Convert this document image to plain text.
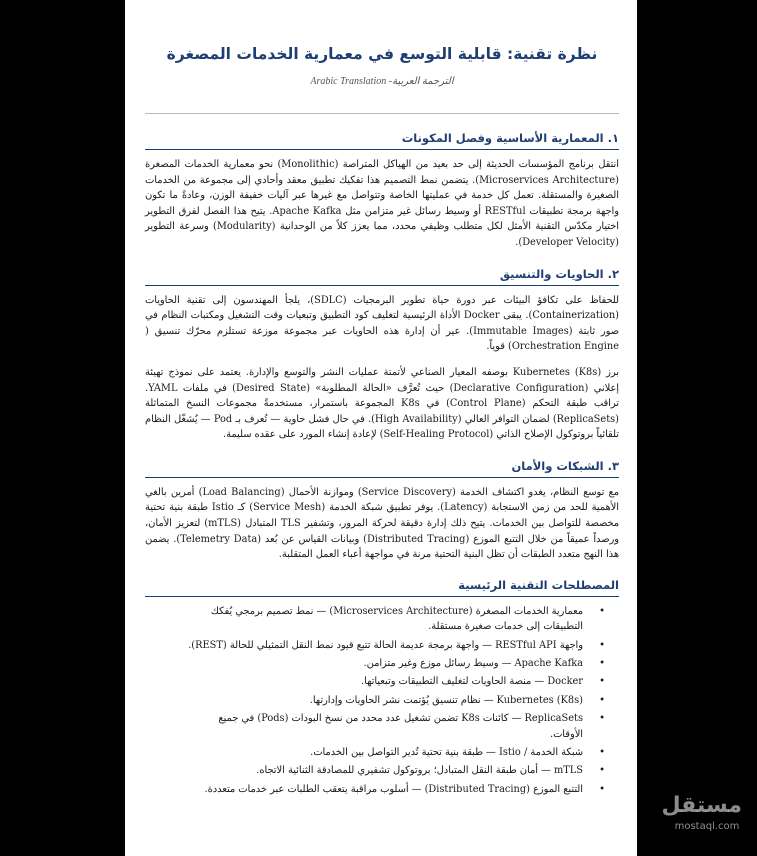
نظرة تقنية: قابلية التوسع في معمارية الخدمات المصغرة
الترجمة العربية- Arabic Translation
١. المعمارية الأساسية وفصل المكونات

انتقل برنامج المؤسسات الحديثة إلى حد بعيد من الهياكل المتراصة (Monolithic) نحو معمارية الخدمات المصغرة (Microservices Architecture). يتضمن نمط التصميم هذا تفكيك تطبيق معقد وأحادي إلى مجموعة من الخدمات الصغيرة والمستقلة. تعمل كل خدمة في عمليتها الخاصة وتتواصل مع غيرها عبر آليات خفيفة الوزن، وعادةً ما تكون واجهة برمجة تطبيقات RESTful أو وسيط رسائل غير متزامن مثل Apache Kafka. يتيح هذا الفصل لفرق التطوير اختيار مكدّس التقنية الأمثل لكل متطلب وظيفي محدد، مما يعزز كلاً من الوحدانية (Modularity) وسرعة التطوير (Developer Velocity).

٢. الحاويات والتنسيق

للحفاظ على تكافؤ البيئات عبر دورة حياة تطوير البرمجيات (SDLC)، يلجأ المهندسون إلى تقنية الحاويات (Containerization). يبقى Docker الأداة الرئيسية لتغليف كود التطبيق وتبعيات وقت التشغيل ومكتبات النظام في صور ثابتة (Immutable Images). عير أن إدارة هذه الحاويات عبر مجموعة موزعة تستلزم محرّك تنسيق ( Orchestration Engine) قوياً.

برز Kubernetes (K8s) بوصفه المعيار الصناعي لأتمتة عمليات النشر والتوسع والإدارة. يعتمد على نموذج تهيئة إعلاني (Declarative Configuration) حيث تُعرَّف «الحالة المطلوبة» (Desired State) في ملفات YAML. تراقب طبقة التحكم (Control Plane) في K8s المجموعة باستمرار، مستخدمةً مجموعات النسخ المتماثلة (ReplicaSets) لضمان التوافر العالي (High Availability). في حال فشل حاوية — تُعرف بـ Pod — يُشغّل النظام تلقائياً بروتوكول الإصلاح الذاتي (Self-Healing Protocol) لإعادة إنشاء المورد على عقده سليمة.

٣. الشبكات والأمان

مع توسع النظام، يغدو اكتشاف الخدمة (Service Discovery) وموازنة الأحمال (Load Balancing) أمرين بالغي الأهمية للحد من زمن الاستجابة (Latency). يوفر تطبيق شبكة الخدمة (Service Mesh) كـ Istio طبقة بنية تحتية مخصصة للتواصل بين الخدمات. يتيح ذلك إدارة دقيقة لحركة المرور، وتشفير TLS المتبادل (mTLS) لتعزيز الأمان، ورصداً عميقاً من خلال التتبع الموزع (Distributed Tracing) وبيانات القياس عن بُعد (Telemetry Data). يضمن هذا النهج متعدد الطبقات أن تظل البنية التحتية مرنة في مواجهة أعباء العمل المتقلبة.

المصطلحات التقنية الرئيسية
•
معمارية الخدمات المصغرة (Microservices Architecture) — نمط تصميم برمجي يُفكك التطبيقات إلى خدمات صغيرة مستقلة.
•
واجهة RESTful API — واجهة برمجة عديمة الحالة تتبع قيود نمط النقل التمثيلي للحالة (REST).
•
Apache Kafka — وسيط رسائل موزع وغير متزامن.
•
Docker — منصة الحاويات لتغليف التطبيقات وتبعياتها.
•
Kubernetes (K8s) — نظام تنسيق يُؤتمت نشر الحاويات وإدارتها.
•
ReplicaSets — كائنات K8s تضمن تشغيل عدد محدد من نسخ البودات (Pods) في جميع الأوقات.
•
شبكة الخدمة / Istio — طبقة بنية تحتية تُدير التواصل بين الخدمات.
•
mTLS — أمان طبقة النقل المتبادل؛ بروتوكول تشفيري للمصادقة الثنائية الاتجاه.
•
التتبع الموزع (Distributed Tracing) — أسلوب مراقبة يتعقب الطلبات عبر خدمات متعددة.
مستقل
mostaql.com
